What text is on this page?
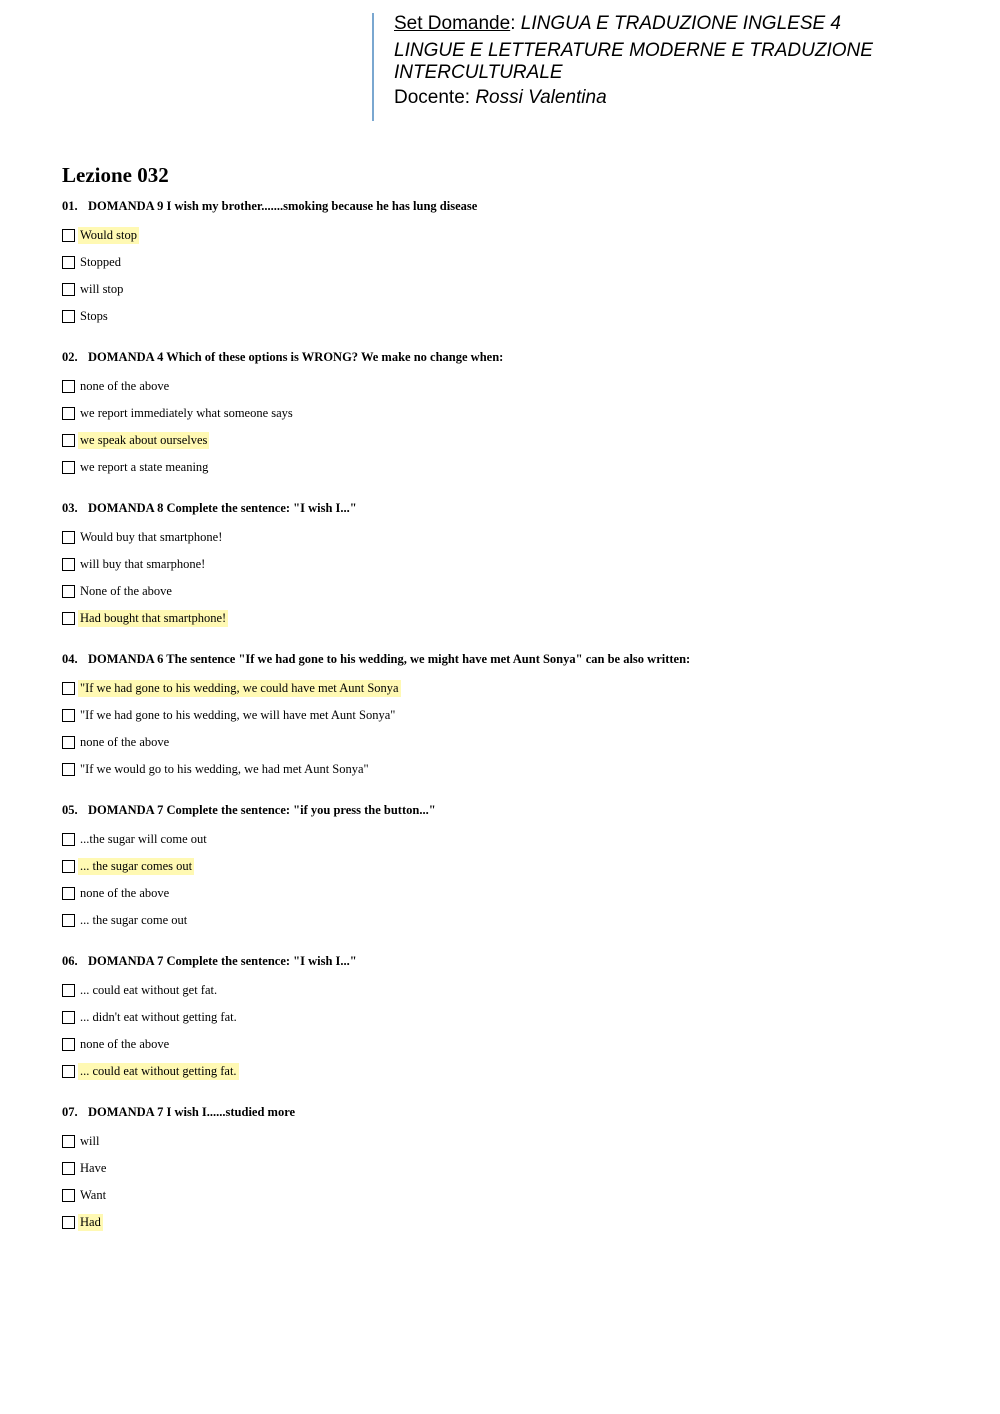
Set Domande: LINGUA E TRADUZIONE INGLESE 4
LINGUE E LETTERATURE MODERNE E TRADUZIONE INTERCULTURALE
Docente: Rossi Valentina
Lezione 032
01. DOMANDA 9 I wish my brother.......smoking because he has lung disease
Would stop
Stopped
will stop
Stops
02. DOMANDA 4 Which of these options is WRONG? We make no change when:
none of the above
we report immediately what someone says
we speak about ourselves
we report a state meaning
03. DOMANDA 8 Complete the sentence: "I wish I..."
Would buy that smartphone!
will buy that smarphone!
None of the above
Had bought that smartphone!
04. DOMANDA 6 The sentence "If we had gone to his wedding, we might have met Aunt Sonya" can be also written:
"If we had gone to his wedding, we could have met Aunt Sonya
"If we had gone to his wedding, we will have met Aunt Sonya"
none of the above
"If we would go to his wedding, we had met Aunt Sonya"
05. DOMANDA 7 Complete the sentence: "if you press the button..."
...the sugar will come out
... the sugar comes out
none of the above
... the sugar come out
06. DOMANDA 7 Complete the sentence: "I wish I..."
... could eat without get fat.
... didn't eat without getting fat.
none of the above
... could eat without getting fat.
07. DOMANDA 7 I wish I......studied more
will
Have
Want
Had
